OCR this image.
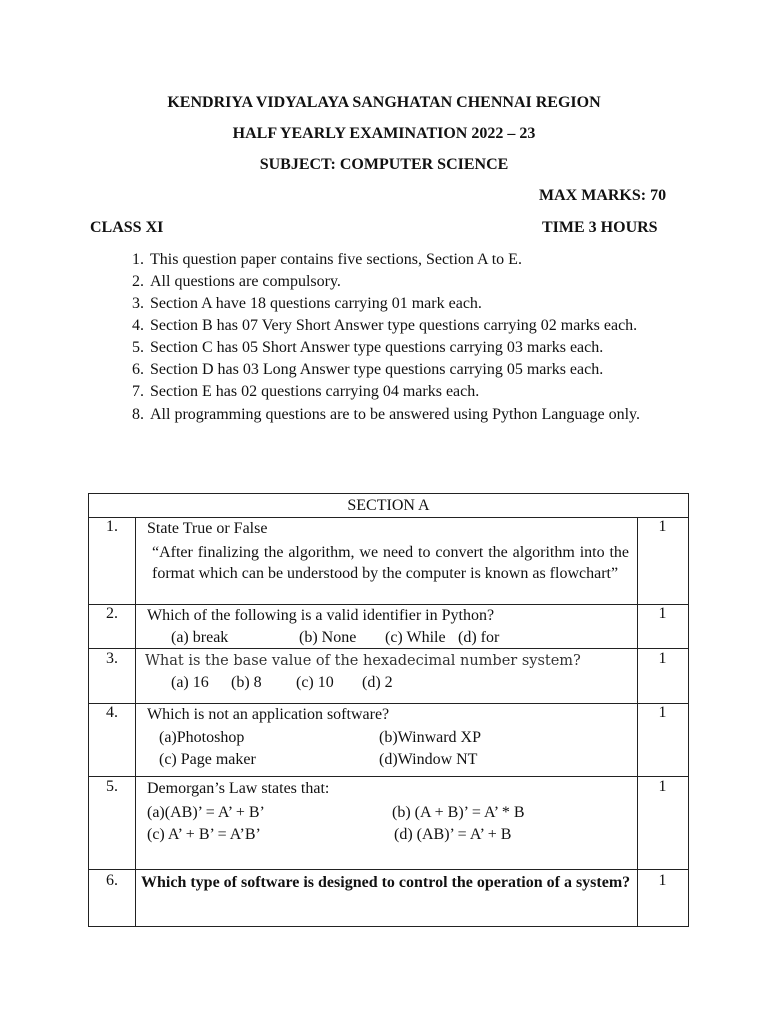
KENDRIYA VIDYALAYA SANGHATAN CHENNAI REGION
HALF YEARLY EXAMINATION 2022 – 23
SUBJECT: COMPUTER SCIENCE
MAX MARKS: 70
CLASS XI	TIME 3 HOURS
1. This question paper contains five sections, Section A to E.
2. All questions are compulsory.
3. Section A have 18 questions carrying 01 mark each.
4. Section B has 07 Very Short Answer type questions carrying 02 marks each.
5. Section C has 05 Short Answer type questions carrying 03 marks each.
6. Section D has 03 Long Answer type questions carrying 05 marks each.
7. Section E has 02 questions carrying 04 marks each.
8. All programming questions are to be answered using Python Language only.
SECTION A
1.	State True or False
“After finalizing the algorithm, we need to convert the algorithm into the format which can be understood by the computer is known as flowchart”
1
2.	Which of the following is a valid identifier in Python?
(a) break	(b) None (c) While (d) for
1
3.	What is the base value of the hexadecimal number system?
(a) 16 (b) 8 (c) 10 (d) 2
1
4.	Which is not an application software?
(a)Photoshop	(b)Winward XP
(c) Page maker	(d)Window NT
1
5.	Demorgan’s Law states that:
(a)(AB)’ = A’ + B’	(b) (A + B)’ = A’ * B
(c) A’ + B’ = A’B’	(d) (AB)’ = A’ + B
1
6.	Which type of software is designed to control the operation of a system?	1
